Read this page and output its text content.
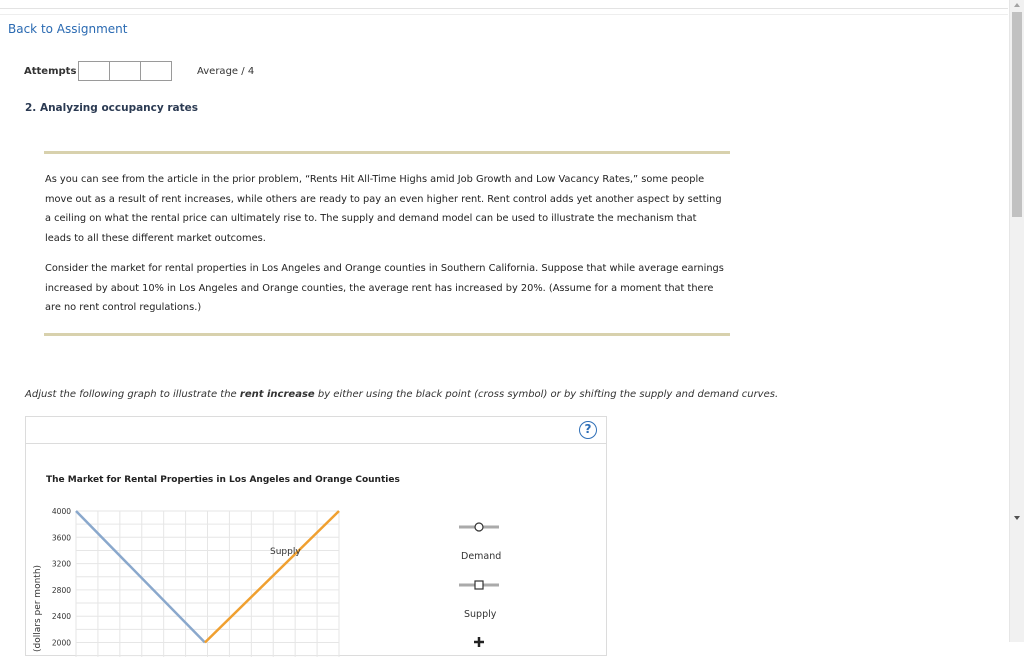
Back to Assignment
Attempts	Average / 4
2. Analyzing occupancy rates
As you can see from the article in the prior problem, “Rents Hit All-Time Highs amid Job Growth and Low Vacancy Rates,” some people move out as a result of rent increases, while others are ready to pay an even higher rent. Rent control adds yet another aspect by setting a ceiling on what the rental price can ultimately rise to. The supply and demand model can be used to illustrate the mechanism that leads to all these different market outcomes.
Consider the market for rental properties in Los Angeles and Orange counties in Southern California. Suppose that while average earnings increased by about 10% in Los Angeles and Orange counties, the average rent has increased by 20%. (Assume for a moment that there are no rent control regulations.)
Adjust the following graph to illustrate the rent increase by either using the black point (cross symbol) or by shifting the supply and demand curves.
?
The Market for Rental Properties in Los Angeles and Orange Counties
4000
3600
3200
2800
2400
2000
(dollars per month)
Supply	Demand
Supply
